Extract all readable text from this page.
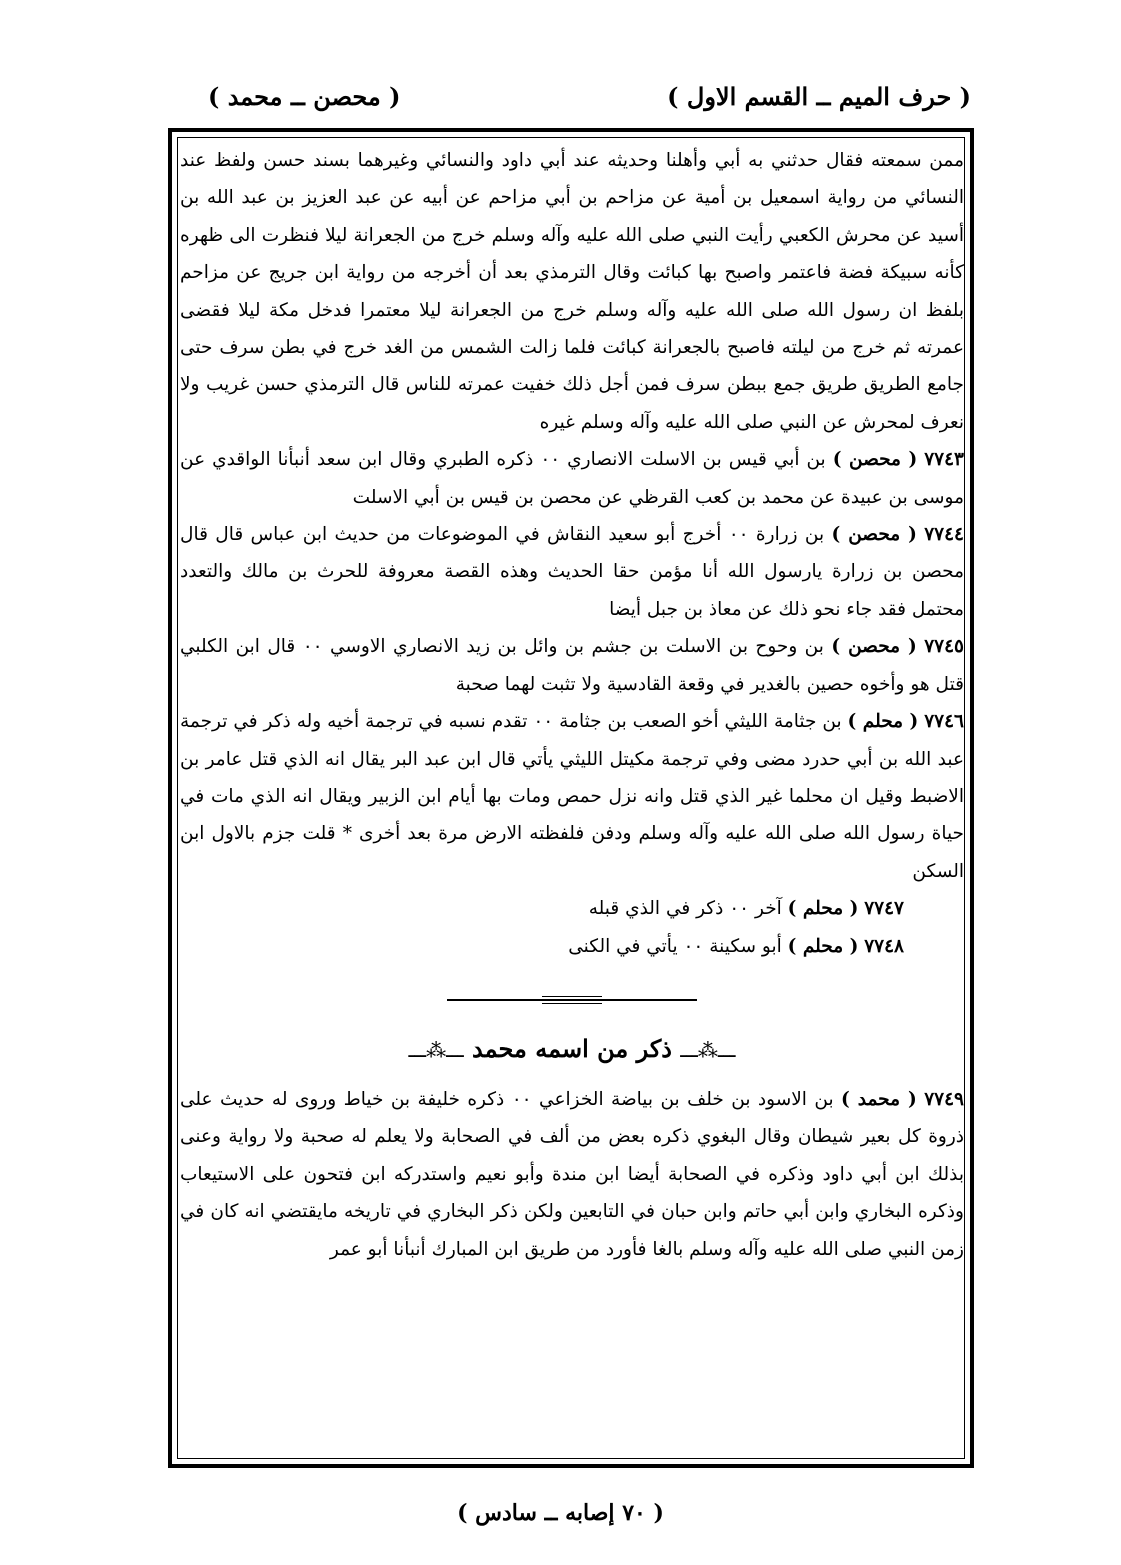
( حرف الميم ــ القسم الاول )
( محصن ــ محمد )

ممن سمعته فقال حدثني به أبي وأهلنا وحديثه عند أبي داود والنسائي وغيرهما بسند حسن ولفظ عند النسائي من رواية اسمعيل بن أمية عن مزاحم بن أبي مزاحم عن أبيه عن عبد العزيز بن عبد الله بن أسيد عن محرش الكعبي رأيت النبي صلى الله عليه وآله وسلم خرج من الجعرانة ليلا فنظرت الى ظهره كأنه سبيكة فضة فاعتمر واصبح بها كبائت وقال الترمذي بعد أن أخرجه من رواية ابن جريج عن مزاحم بلفظ ان رسول الله صلى الله عليه وآله وسلم خرج من الجعرانة ليلا معتمرا فدخل مكة ليلا فقضى عمرته ثم خرج من ليلته فاصبح بالجعرانة كبائت فلما زالت الشمس من الغد خرج في بطن سرف حتى جامع الطريق طريق جمع ببطن سرف فمن أجل ذلك خفيت عمرته للناس قال الترمذي حسن غريب ولا نعرف لمحرش عن النبي صلى الله عليه وآله وسلم غيره

٧٧٤٣ ( محصن ) بن أبي قيس بن الاسلت الانصاري ٠٠ ذكره الطبري وقال ابن سعد أنبأنا الواقدي عن موسى بن عبيدة عن محمد بن كعب القرظي عن محصن بن قيس بن أبي الاسلت

٧٧٤٤ ( محصن ) بن زرارة ٠٠ أخرج أبو سعيد النقاش في الموضوعات من حديث ابن عباس قال قال محصن بن زرارة يارسول الله أنا مؤمن حقا الحديث وهذه القصة معروفة للحرث بن مالك والتعدد محتمل فقد جاء نحو ذلك عن معاذ بن جبل أيضا

٧٧٤٥ ( محصن ) بن وحوح بن الاسلت بن جشم بن وائل بن زيد الانصاري الاوسي ٠٠ قال ابن الكلبي قتل هو وأخوه حصين بالغدير في وقعة القادسية ولا تثبت لهما صحبة

٧٧٤٦ ( محلم ) بن جثامة الليثي أخو الصعب بن جثامة ٠٠ تقدم نسبه في ترجمة أخيه وله ذكر في ترجمة عبد الله بن أبي حدرد مضى وفي ترجمة مكيتل الليثي يأتي قال ابن عبد البر يقال انه الذي قتل عامر بن الاضبط وقيل ان محلما غير الذي قتل وانه نزل حمص ومات بها أيام ابن الزبير ويقال انه الذي مات في حياة رسول الله صلى الله عليه وآله وسلم ودفن فلفظته الارض مرة بعد أخرى * قلت جزم بالاول ابن السكن

٧٧٤٧ ( محلم ) آخر ٠٠ ذكر في الذي قبله

٧٧٤٨ ( محلم ) أبو سكينة ٠٠ يأتي في الكنى

ـــ⁂ـــ ذكر من اسمه محمد ـــ⁂ـــ

٧٧٤٩ ( محمد ) بن الاسود بن خلف بن بياضة الخزاعي ٠٠ ذكره خليفة بن خياط وروى له حديث على ذروة كل بعير شيطان وقال البغوي ذكره بعض من ألف في الصحابة ولا يعلم له صحبة ولا رواية وعنى بذلك ابن أبي داود وذكره في الصحابة أيضا ابن مندة وأبو نعيم واستدركه ابن فتحون على الاستيعاب وذكره البخاري وابن أبي حاتم وابن حبان في التابعين ولكن ذكر البخاري في تاريخه مايقتضي انه كان في زمن النبي صلى الله عليه وآله وسلم بالغا فأورد من طريق ابن المبارك أنبأنا أبو عمر

( ٧٠ إصابه ــ سادس )
